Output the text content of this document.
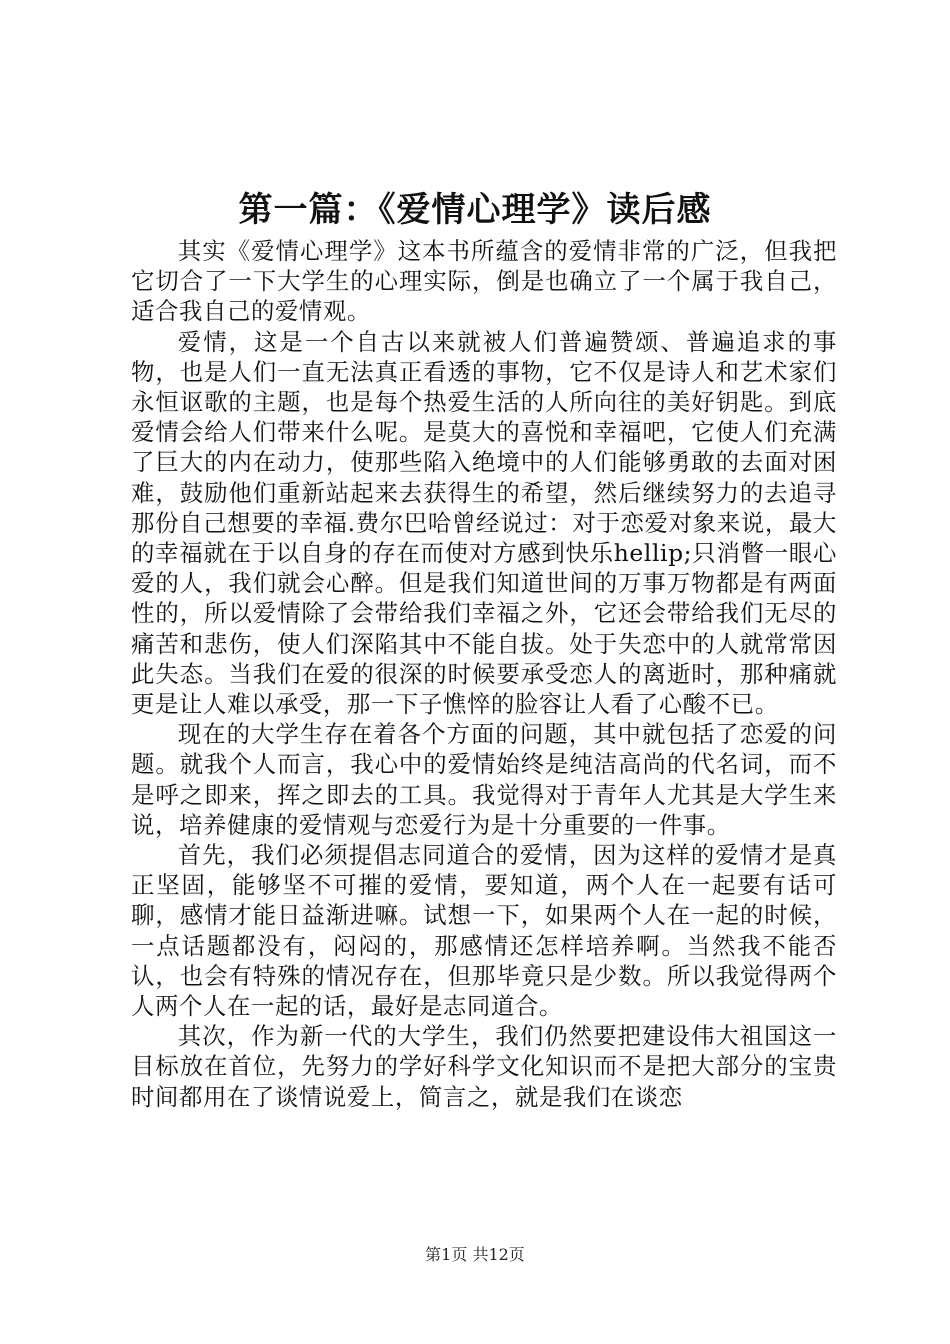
第一篇：《爱情心理学》读后感

其实《爱情心理学》这本书所蕴含的爱情非常的广泛，但我把它切合了一下大学生的心理实际，倒是也确立了一个属于我自己，适合我自己的爱情观。

爱情，这是一个自古以来就被人们普遍赞颂、普遍追求的事物，也是人们一直无法真正看透的事物，它不仅是诗人和艺术家们永恒讴歌的主题，也是每个热爱生活的人所向往的美好钥匙。到底爱情会给人们带来什么呢。是莫大的喜悦和幸福吧，它使人们充满了巨大的内在动力，使那些陷入绝境中的人们能够勇敢的去面对困难，鼓励他们重新站起来去获得生的希望，然后继续努力的去追寻那份自己想要的幸福.费尔巴哈曾经说过：对于恋爱对象来说，最大的幸福就在于以自身的存在而使对方感到快乐hellip;只消瞥一眼心爱的人，我们就会心醉。但是我们知道世间的万事万物都是有两面性的，所以爱情除了会带给我们幸福之外，它还会带给我们无尽的痛苦和悲伤，使人们深陷其中不能自拔。处于失恋中的人就常常因此失态。当我们在爱的很深的时候要承受恋人的离逝时，那种痛就更是让人难以承受，那一下子憔悴的脸容让人看了心酸不已。

现在的大学生存在着各个方面的问题，其中就包括了恋爱的问题。就我个人而言，我心中的爱情始终是纯洁高尚的代名词，而不是呼之即来，挥之即去的工具。我觉得对于青年人尤其是大学生来说，培养健康的爱情观与恋爱行为是十分重要的一件事。

首先，我们必须提倡志同道合的爱情，因为这样的爱情才是真正坚固，能够坚不可摧的爱情，要知道，两个人在一起要有话可聊，感情才能日益渐进嘛。试想一下，如果两个人在一起的时候，一点话题都没有，闷闷的，那感情还怎样培养啊。当然我不能否认，也会有特殊的情况存在，但那毕竟只是少数。所以我觉得两个人两个人在一起的话，最好是志同道合。

其次，作为新一代的大学生，我们仍然要把建设伟大祖国这一目标放在首位，先努力的学好科学文化知识而不是把大部分的宝贵时间都用在了谈情说爱上，简言之，就是我们在谈恋

第1页 共12页
